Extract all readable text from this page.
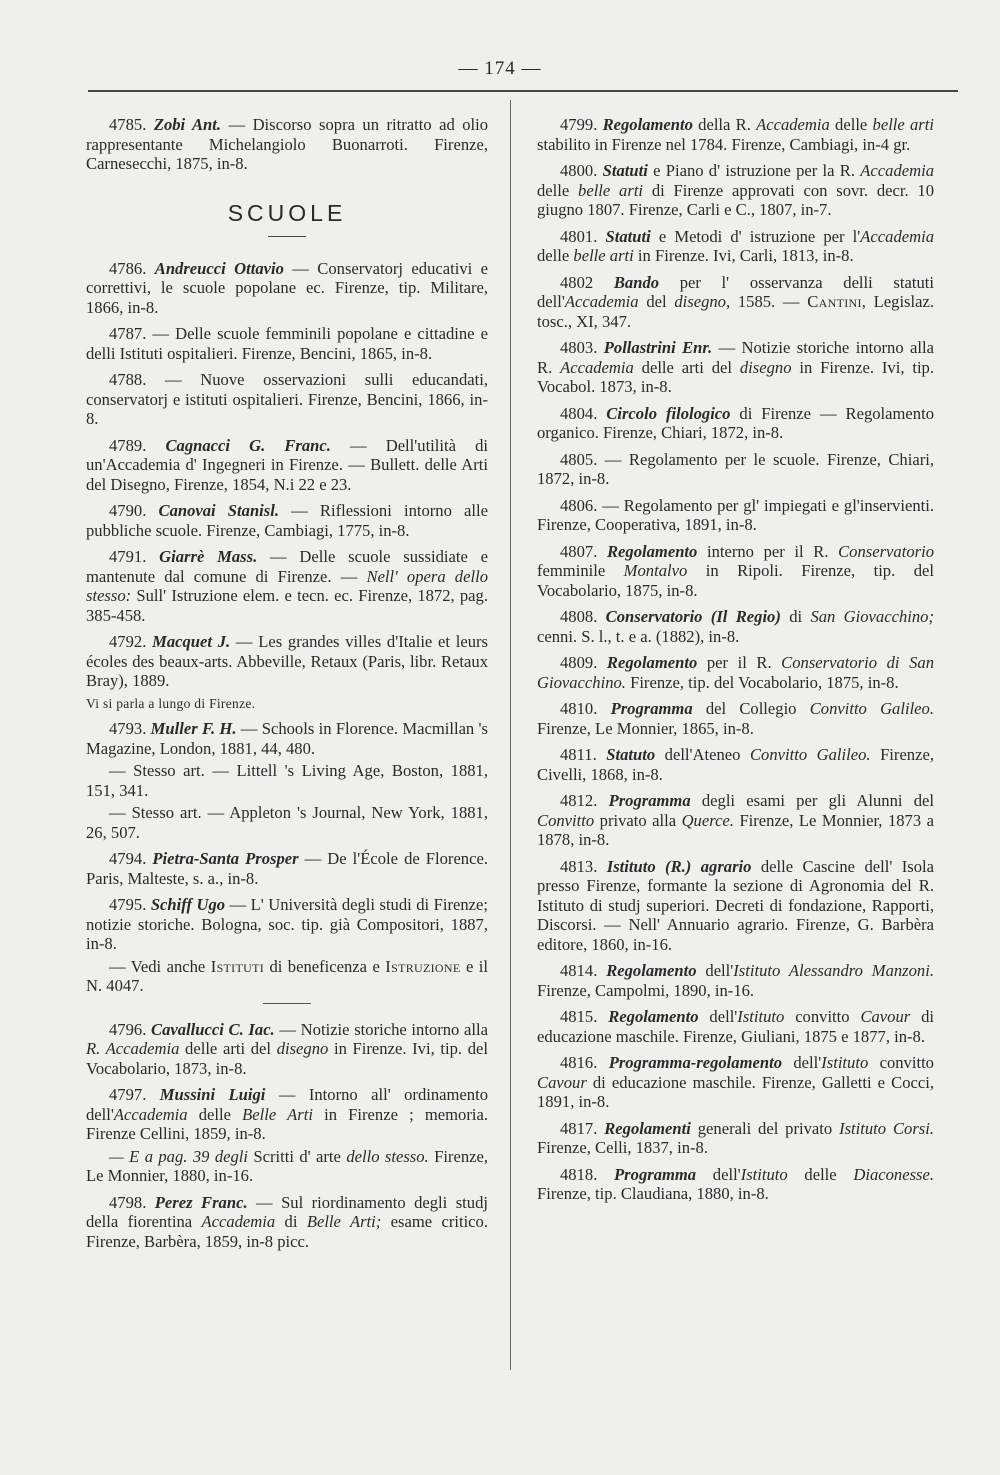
— 174 —

4785. Zobi Ant. — Discorso sopra un ritratto ad olio rappresentante Michelangiolo Buonarroti. Firenze, Carnesecchi, 1875, in-8.

SCUOLE

4786. Andreucci Ottavio — Conservatorj educativi e correttivi, le scuole popolane ec. Firenze, tip. Militare, 1866, in-8.

4787. — Delle scuole femminili popolane e cittadine e delli Istituti ospitalieri. Firenze, Bencini, 1865, in-8.

4788. — Nuove osservazioni sulli educandati, conservatorj e istituti ospitalieri. Firenze, Bencini, 1866, in-8.

4789. Cagnacci G. Franc. — Dell'utilità di un'Accademia d' Ingegneri in Firenze. — Bullett. delle Arti del Disegno, Firenze, 1854, N.i 22 e 23.

4790. Canovai Stanisl. — Riflessioni intorno alle pubbliche scuole. Firenze, Cambiagi, 1775, in-8.

4791. Giarrè Mass. — Delle scuole sussidiate e mantenute dal comune di Firenze. — Nell' opera dello stesso: Sull' Istruzione elem. e tecn. ec. Firenze, 1872, pag. 385-458.

4792. Macquet J. — Les grandes villes d'Italie et leurs écoles des beaux-arts. Abbeville, Retaux (Paris, libr. Retaux Bray), 1889.

Vi si parla a lungo di Firenze.

4793. Muller F. H. — Schools in Florence. Macmillan 's Magazine, London, 1881, 44, 480.

— Stesso art. — Littell 's Living Age, Boston, 1881, 151, 341.

— Stesso art. — Appleton 's Journal, New York, 1881, 26, 507.

4794. Pietra-Santa Prosper — De l'École de Florence. Paris, Malteste, s. a., in-8.

4795. Schiff Ugo — L' Università degli studi di Firenze; notizie storiche. Bologna, soc. tip. già Compositori, 1887, in-8.

— Vedi anche Istituti di beneficenza e Istruzione e il N. 4047.

4796. Cavallucci C. Iac. — Notizie storiche intorno alla R. Accademia delle arti del disegno in Firenze. Ivi, tip. del Vocabolario, 1873, in-8.

4797. Mussini Luigi — Intorno all' ordinamento dell'Accademia delle Belle Arti in Firenze ; memoria. Firenze Cellini, 1859, in-8.

— E a pag. 39 degli Scritti d' arte dello stesso. Firenze, Le Monnier, 1880, in-16.

4798. Perez Franc. — Sul riordinamento degli studj della fiorentina Accademia di Belle Arti; esame critico. Firenze, Barbèra, 1859, in-8 picc.

4799. Regolamento della R. Accademia delle belle arti stabilito in Firenze nel 1784. Firenze, Cambiagi, in-4 gr.

4800. Statuti e Piano d' istruzione per la R. Accademia delle belle arti di Firenze approvati con sovr. decr. 10 giugno 1807. Firenze, Carli e C., 1807, in-7.

4801. Statuti e Metodi d' istruzione per l'Accademia delle belle arti in Firenze. Ivi, Carli, 1813, in-8.

4802 Bando per l' osservanza delli statuti dell'Accademia del disegno, 1585. — Cantini, Legislaz. tosc., XI, 347.

4803. Pollastrini Enr. — Notizie storiche intorno alla R. Accademia delle arti del disegno in Firenze. Ivi, tip. Vocabol. 1873, in-8.

4804. Circolo filologico di Firenze — Regolamento organico. Firenze, Chiari, 1872, in-8.

4805. — Regolamento per le scuole. Firenze, Chiari, 1872, in-8.

4806. — Regolamento per gl' impiegati e gl'inservienti. Firenze, Cooperativa, 1891, in-8.

4807. Regolamento interno per il R. Conservatorio femminile Montalvo in Ripoli. Firenze, tip. del Vocabolario, 1875, in-8.

4808. Conservatorio (Il Regio) di San Giovacchino; cenni. S. l., t. e a. (1882), in-8.

4809. Regolamento per il R. Conservatorio di San Giovacchino. Firenze, tip. del Vocabolario, 1875, in-8.

4810. Programma del Collegio Convitto Galileo. Firenze, Le Monnier, 1865, in-8.

4811. Statuto dell'Ateneo Convitto Galileo. Firenze, Civelli, 1868, in-8.

4812. Programma degli esami per gli Alunni del Convitto privato alla Querce. Firenze, Le Monnier, 1873 a 1878, in-8.

4813. Istituto (R.) agrario delle Cascine dell' Isola presso Firenze, formante la sezione di Agronomia del R. Istituto di studj superiori. Decreti di fondazione, Rapporti, Discorsi. — Nell' Annuario agrario. Firenze, G. Barbèra editore, 1860, in-16.

4814. Regolamento dell'Istituto Alessandro Manzoni. Firenze, Campolmi, 1890, in-16.

4815. Regolamento dell'Istituto convitto Cavour di educazione maschile. Firenze, Giuliani, 1875 e 1877, in-8.

4816. Programma-regolamento dell'Istituto convitto Cavour di educazione maschile. Firenze, Galletti e Cocci, 1891, in-8.

4817. Regolamenti generali del privato Istituto Corsi. Firenze, Celli, 1837, in-8.

4818. Programma dell'Istituto delle Diaconesse. Firenze, tip. Claudiana, 1880, in-8.
